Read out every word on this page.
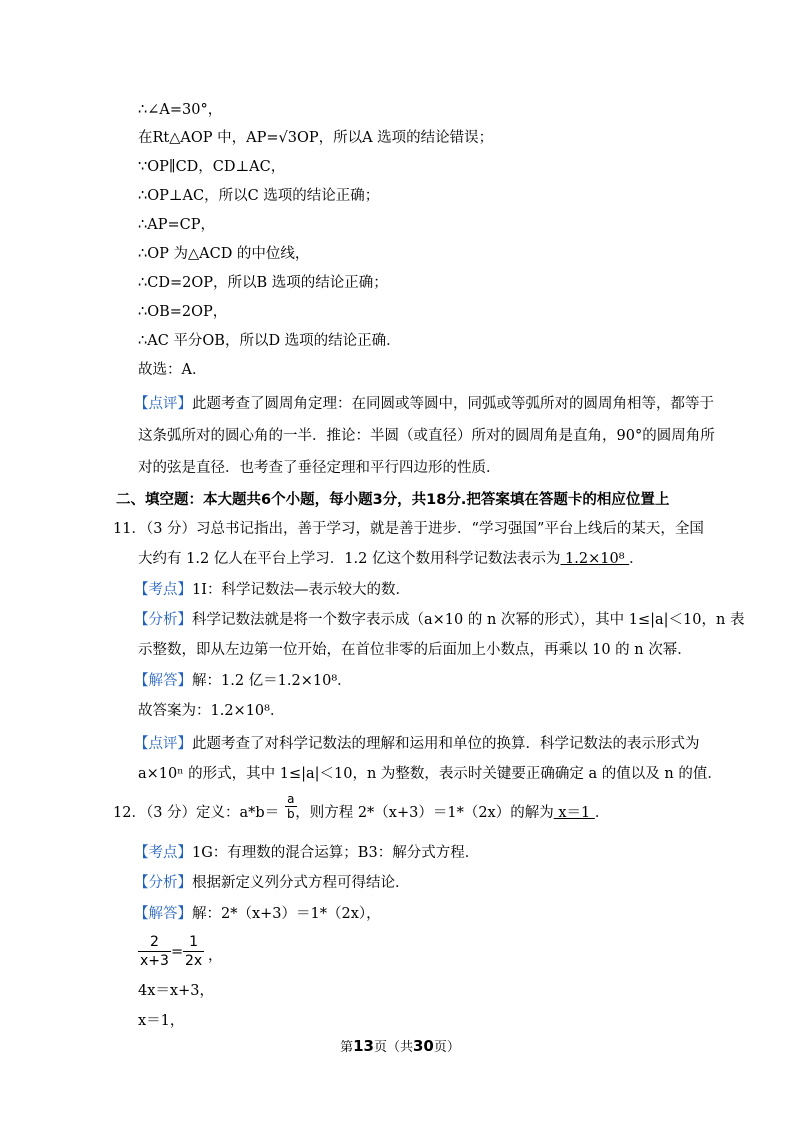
∴∠A=30°，
在Rt△AOP 中，AP=√3OP，所以A 选项的结论错误；
∵OP∥CD，CD⊥AC，
∴OP⊥AC，所以C 选项的结论正确；
∴AP=CP，
∴OP 为△ACD 的中位线，
∴CD=2OP，所以B 选项的结论正确；
∴OB=2OP，
∴AC 平分OB，所以D 选项的结论正确．
故选：A．
【点评】此题考查了圆周角定理：在同圆或等圆中，同弧或等弧所对的圆周角相等，都等于
这条弧所对的圆心角的一半．推论：半圆（或直径）所对的圆周角是直角，90°的圆周角所
对的弦是直径．也考查了垂径定理和平行四边形的性质．
二、填空题：本大题共6个小题，每小题3分，共18分.把答案填在答题卡的相应位置上
11．（3 分）习总书记指出，善于学习，就是善于进步．“学习强国”平台上线后的某天，全国
大约有 1.2 亿人在平台上学习．1.2 亿这个数用科学记数法表示为 1.2×10⁸ ．
【考点】1I：科学记数法—表示较大的数．
【分析】科学记数法就是将一个数字表示成（a×10 的 n 次幂的形式），其中 1≤|a|＜10，n 表
示整数，即从左边第一位开始，在首位非零的后面加上小数点，再乘以 10 的 n 次幂．
【解答】解：1.2 亿＝1.2×10⁸．
故答案为：1.2×10⁸．
【点评】此题考查了对科学记数法的理解和运用和单位的换算．科学记数法的表示形式为
a×10ⁿ 的形式，其中 1≤|a|＜10，n 为整数，表示时关键要正确确定 a 的值以及 n 的值．
12．（3 分）定义：a*b＝ ，则方程 2*（x+3）＝1*（2x）的解为 x＝1 ．
a
b
【考点】1G：有理数的混合运算；B3：解分式方程．
【分析】根据新定义列分式方程可得结论．
【解答】解：2*（x+3）＝1*（2x），
2
x+3
=
1
2x ，
4x＝x+3，
x＝1，
第13页（共30页）
